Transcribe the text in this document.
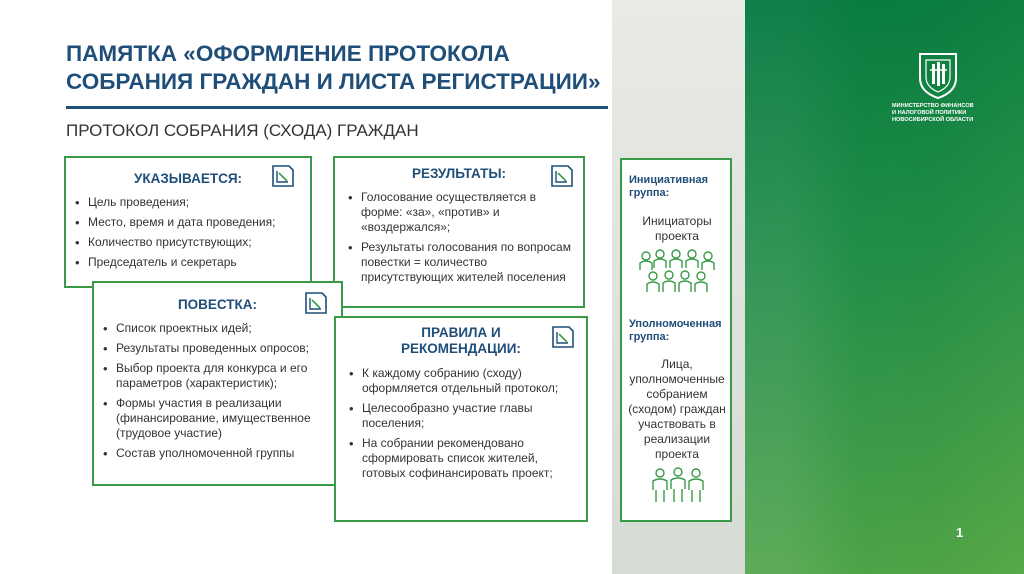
МИНИСТЕРСТВО ФИНАНСОВ
И НАЛОГОВОЙ ПОЛИТИКИ
НОВОСИБИРСКОЙ ОБЛАСТИ
ПАМЯТКА «ОФОРМЛЕНИЕ ПРОТОКОЛА
СОБРАНИЯ ГРАЖДАН И ЛИСТА РЕГИСТРАЦИИ»
ПРОТОКОЛ СОБРАНИЯ (СХОДА) ГРАЖДАН
УКАЗЫВАЕТСЯ:
• Цель проведения;
• Место, время и дата проведения;
• Количество присутствующих;
• Председатель и секретарь
РЕЗУЛЬТАТЫ:
• Голосование осуществляется в форме: «за», «против» и «воздержался»;
• Результаты голосования по вопросам повестки = количество присутствующих жителей поселения
ПОВЕСТКА:
• Список проектных идей;
• Результаты проведенных опросов;
• Выбор проекта для конкурса и его параметров (характеристик);
• Формы участия в реализации (финансирование, имущественное (трудовое участие)
• Состав уполномоченной группы
ПРАВИЛА И
РЕКОМЕНДАЦИИ:
• К каждому собранию (сходу) оформляется отдельный протокол;
• Целесообразно участие главы поселения;
• На собрании рекомендовано сформировать список жителей, готовых софинансировать проект;
Инициативная
группа:
Инициаторы
проекта
Уполномоченная
группа:
Лица,
уполномоченные
собранием
(сходом) граждан
участвовать в
реализации
проекта
1
